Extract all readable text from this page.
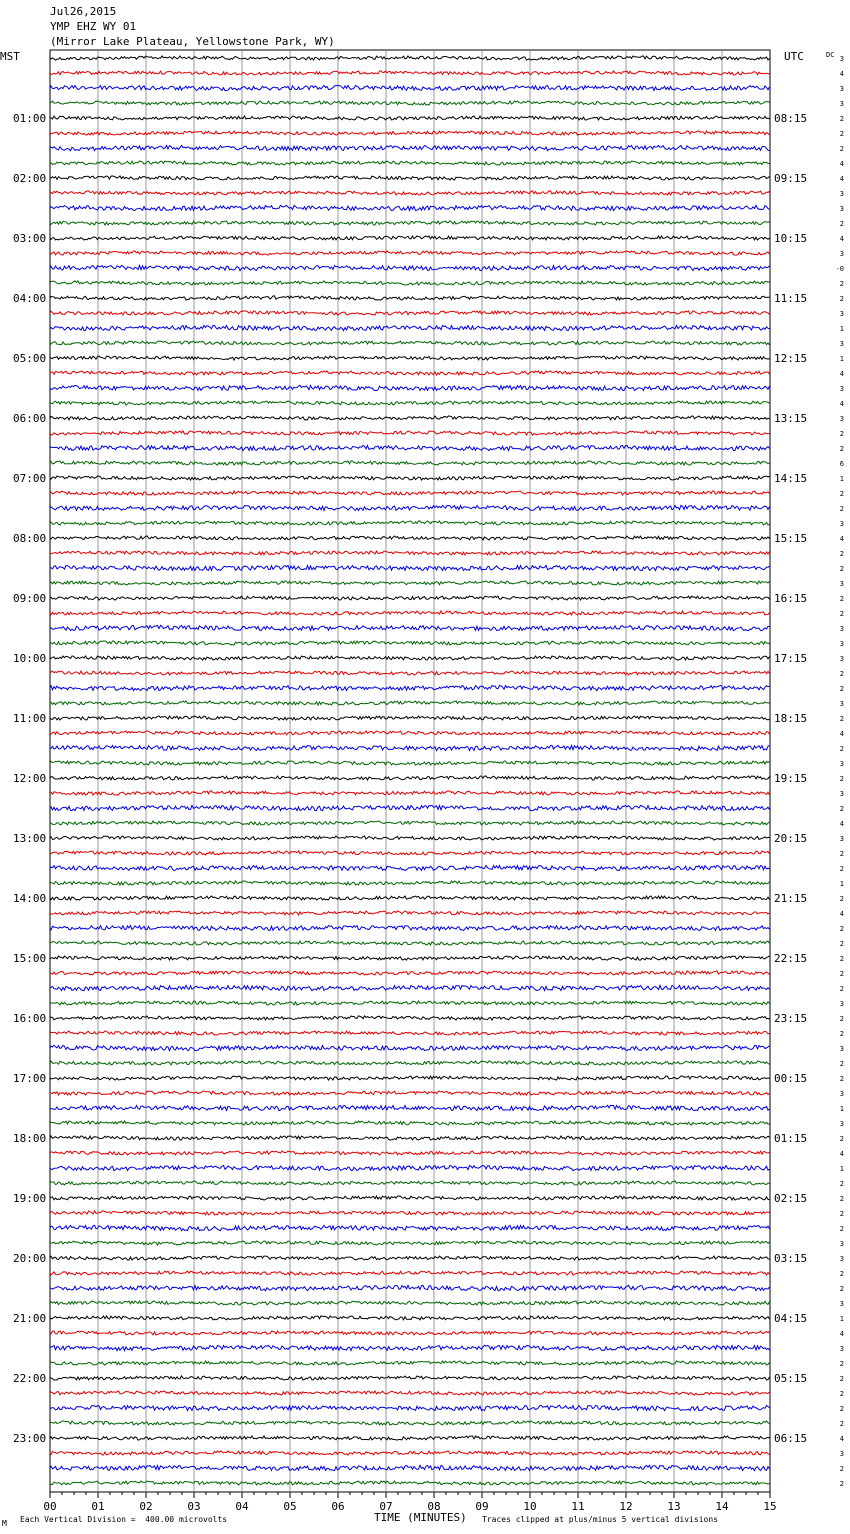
Jul26,2015
YMP EHZ WY 01
(Mirror Lake Plateau, Yellowstone Park, WY)
MST	UTC	DC
01:00
02:00
03:00
04:00
05:00
06:00
07:00
08:00
09:00
10:00
11:00
12:00
13:00
14:00
15:00
16:00
17:00
18:00
19:00
20:00
21:00
22:00
23:00
08:15
09:15
10:15
11:15
12:15
13:15
14:15
15:15
16:15
17:15
18:15
19:15
20:15
21:15
22:15
23:15
00:15
01:15
02:15
03:15
04:15
05:15
06:15
3
4
3
3
2
2
2
4
4
3
3
2
4
3
-0
2
2
3
1
3
1
4
3
4
3
2
2
6
1
2
2
3
4
2
2
3
2
2
3
3
3
2
2
3
2
4
2
3
2
3
2
4
3
2
2
1
2
4
2
2
2
2
2
3
2
2
3
2
2
3
1
3
2
4
1
2
2
2
2
3
3
2
2
3
1
4
3
2
2
2
2
2
4
3
2
2
00	01	02	03	04	05	06	07	08	09	10	11	12	13	14	15
TIME (MINUTES)
M Each Vertical Division =  400.00 microvolts	Traces clipped at plus/minus 5 vertical divisions
